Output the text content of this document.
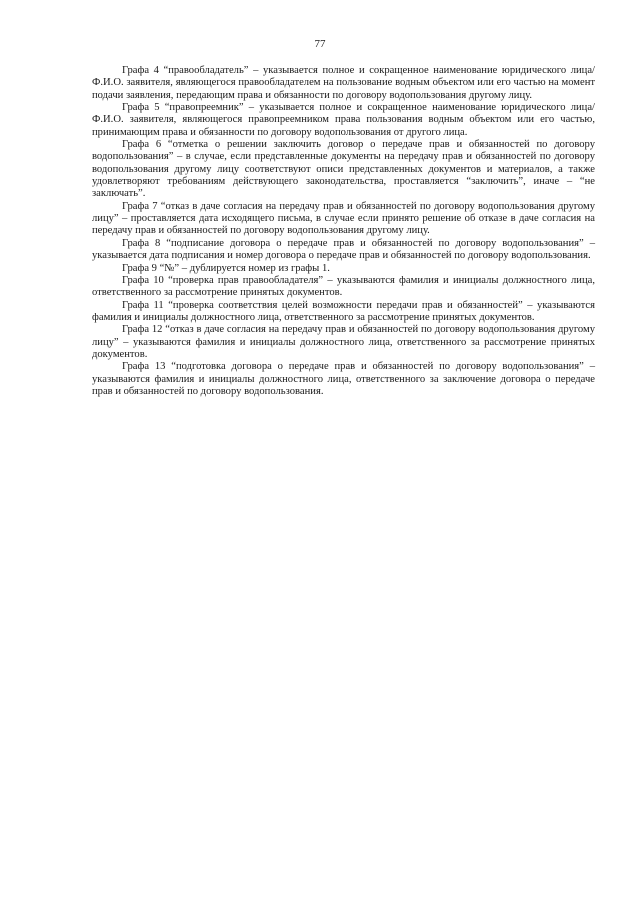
77

Графа 4 “правообладатель” – указывается полное и сокращенное наименование юридического лица/Ф.И.О. заявителя, являющегося правообладателем на пользование водным объектом или его частью на момент подачи заявления, передающим права и обязанности по договору водопользования другому лицу.

Графа 5 “правопреемник” – указывается полное и сокращенное наименование юридического лица/Ф.И.О. заявителя, являющегося правопреемником права пользования водным объектом или его частью, принимающим права и обязанности по договору водопользования от другого лица.

Графа 6 “отметка о решении заключить договор о передаче прав и обязанностей по договору водопользования” – в случае, если представленные документы на передачу прав и обязанностей по договору водопользования другому лицу соответствуют описи представленных документов и материалов, а также удовлетворяют требованиям действующего законодательства, проставляется “заключить”, иначе – “не заключать”.

Графа 7 “отказ в даче согласия на передачу прав и обязанностей по договору водопользования другому лицу” – проставляется дата исходящего письма, в случае если принято решение об отказе в даче согласия на передачу прав и обязанностей по договору водопользования другому лицу.

Графа 8 “подписание договора о передаче прав и обязанностей по договору водопользования” – указывается дата подписания и номер договора о передаче прав и обязанностей по договору водопользования.

Графа 9 “№” – дублируется номер из графы 1.

Графа 10 “проверка прав правообладателя” – указываются фамилия и инициалы должностного лица, ответственного за рассмотрение принятых документов.

Графа 11 “проверка соответствия целей возможности передачи прав и обязанностей” – указываются фамилия и инициалы должностного лица, ответственного за рассмотрение принятых документов.

Графа 12 “отказ в даче согласия на передачу прав и обязанностей по договору водопользования другому лицу” – указываются фамилия и инициалы должностного лица, ответственного за рассмотрение принятых документов.

Графа 13 “подготовка договора о передаче прав и обязанностей по договору водопользования” – указываются фамилия и инициалы должностного лица, ответственного за заключение договора о передаче прав и обязанностей по договору водопользования.
